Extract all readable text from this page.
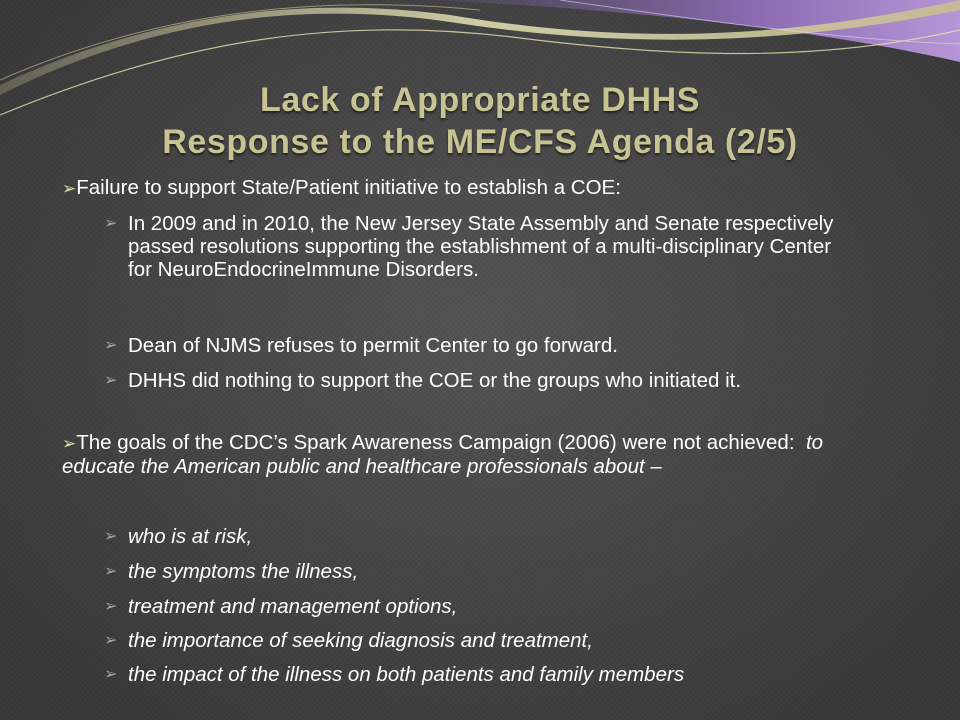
Lack of Appropriate DHHS
Response to the ME/CFS Agenda (2/5)
➢Failure to support State/Patient initiative to establish a COE:
➢ In 2009 and in 2010, the New Jersey State Assembly and Senate respectively passed resolutions supporting the establishment of a multi-disciplinary Center for NeuroEndocrineImmune Disorders.
➢ Dean of NJMS refuses to permit Center to go forward.
➢ DHHS did nothing to support the COE or the groups who initiated it.
➢The goals of the CDC’s Spark Awareness Campaign (2006) were not achieved: to educate the American public and healthcare professionals about –
➢ who is at risk,
➢ the symptoms the illness,
➢ treatment and management options,
➢ the importance of seeking diagnosis and treatment,
➢ the impact of the illness on both patients and family members
